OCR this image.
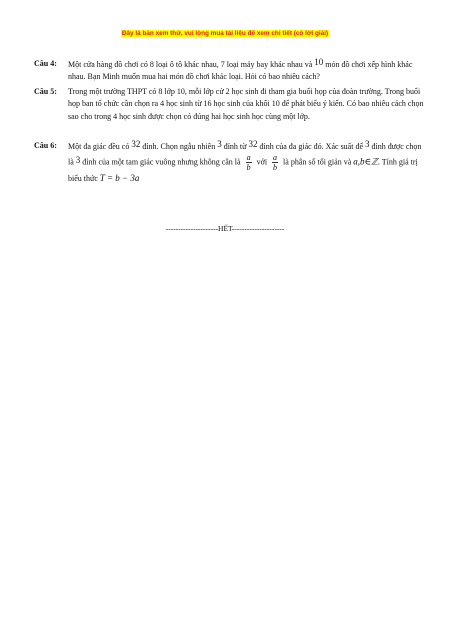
Đây là bản xem thử, vui lòng mua tài liệu để xem chi tiết (có lời giải)
Câu 4:	Một cửa hàng đồ chơi có 8 loại ô tô khác nhau, 7 loại máy bay khác nhau và 10 món đồ chơi xếp hình khác nhau. Bạn Minh muốn mua hai món đồ chơi khác loại. Hỏi có bao nhiêu cách?
Câu 5:	Trong một trường THPT có 8 lớp 10, mỗi lớp cử 2 học sinh đi tham gia buổi họp của đoàn trường. Trong buổi họp ban tổ chức cần chọn ra 4 học sinh từ 16 học sinh của khối 10 để phát biểu ý kiến. Có bao nhiêu cách chọn sao cho trong 4 học sinh được chọn có đúng hai học sinh học cùng một lớp.
Câu 6:	Một đa giác đều có 32 đỉnh. Chọn ngẫu nhiên 3 đỉnh từ 32 đỉnh của đa giác đó. Xác suất để 3 đỉnh được chọn là 3 đỉnh của một tam giác vuông nhưng không cân là $\frac{a}{b}$ với $\frac{a}{b}$ là phân số tối giản và a,b∈ℤ. Tính giá trị biểu thức T = b − 3a
---------------------HẾT---------------------
